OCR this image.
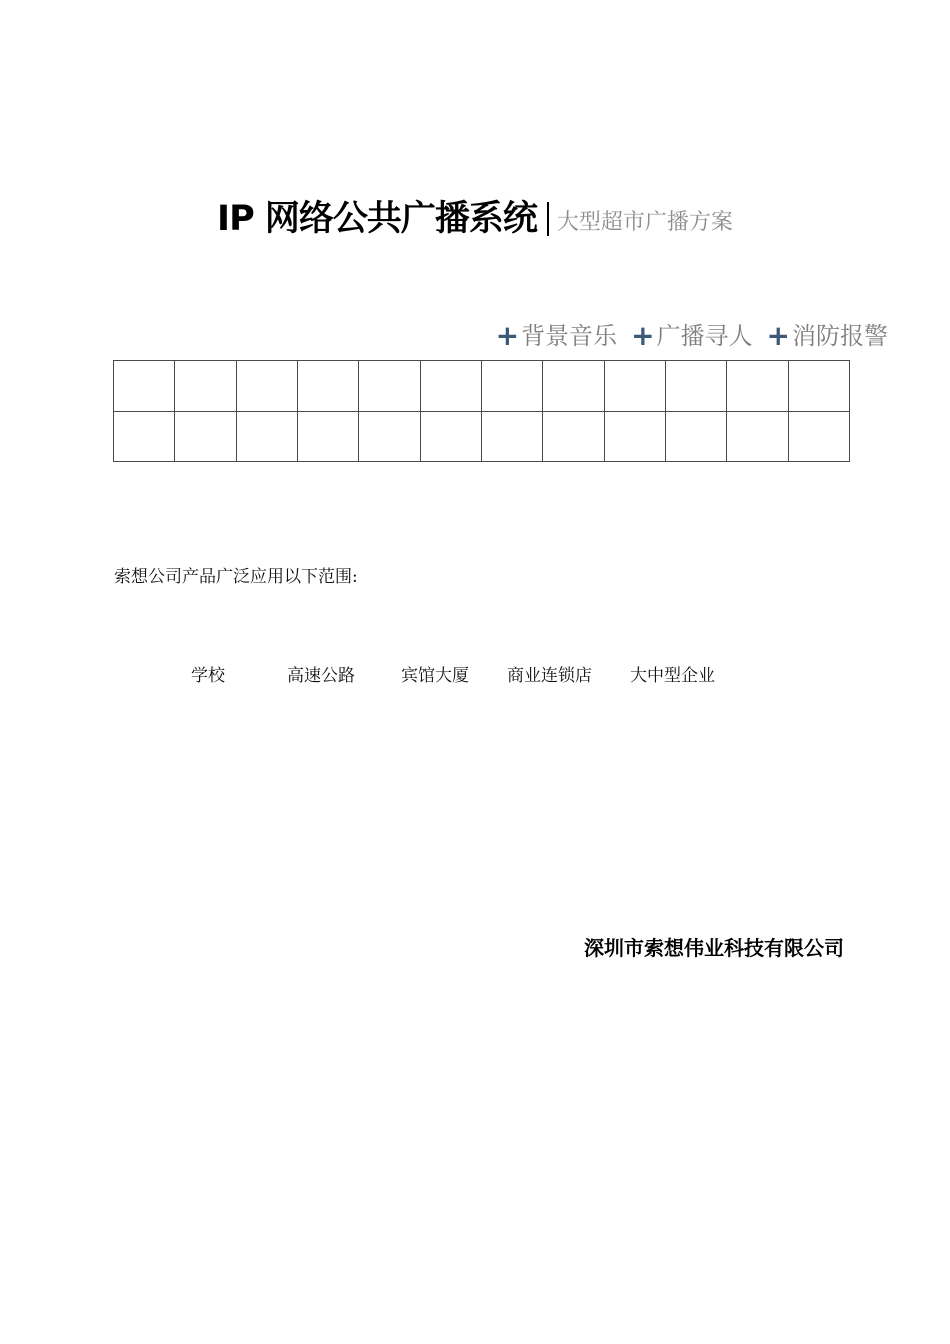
IP 网络公共广播系统 大型超市广播方案
+ 背景音乐 + 广播寻人 + 消防报警

索想公司产品广泛应用以下范围:
学校	高速公路	宾馆大厦 商业连锁店 大中型企业
深圳市索想伟业科技有限公司
